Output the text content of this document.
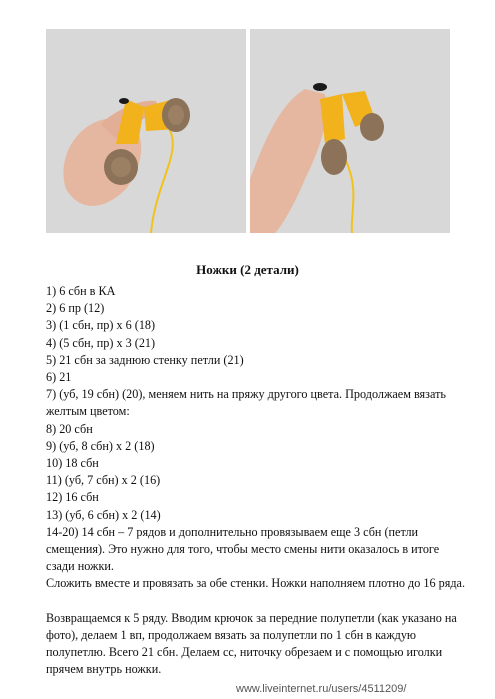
Ножки (2 детали)
1) 6 сбн в КА
2) 6 пр (12)
3) (1 сбн, пр) х 6 (18)
4) (5 сбн, пр) х 3 (21)
5) 21 сбн за заднюю стенку петли (21)
6) 21
7) (уб, 19 сбн) (20), меняем нить на пряжу другого цвета. Продолжаем вязать желтым цветом:
8) 20 сбн
9) (уб, 8 сбн) х 2 (18)
10) 18 сбн
11) (уб, 7 сбн) х 2 (16)
12) 16 сбн
13) (уб, 6 сбн) х 2 (14)
14-20) 14 сбн – 7 рядов и дополнительно провязываем еще 3 сбн (петли смещения). Это нужно для того, чтобы место смены нити оказалось в итоге сзади ножки.
Сложить вместе и провязать за обе стенки. Ножки наполняем плотно до 16 ряда.
Возвращаемся к 5 ряду. Вводим крючок за передние полупетли (как указано на фото), делаем 1 вп, продолжаем вязать за полупетли по 1 сбн в каждую полупетлю. Всего 21 сбн. Делаем сс, ниточку обрезаем и с помощью иголки прячем внутрь ножки.
www.liveinternet.ru/users/4511209/
